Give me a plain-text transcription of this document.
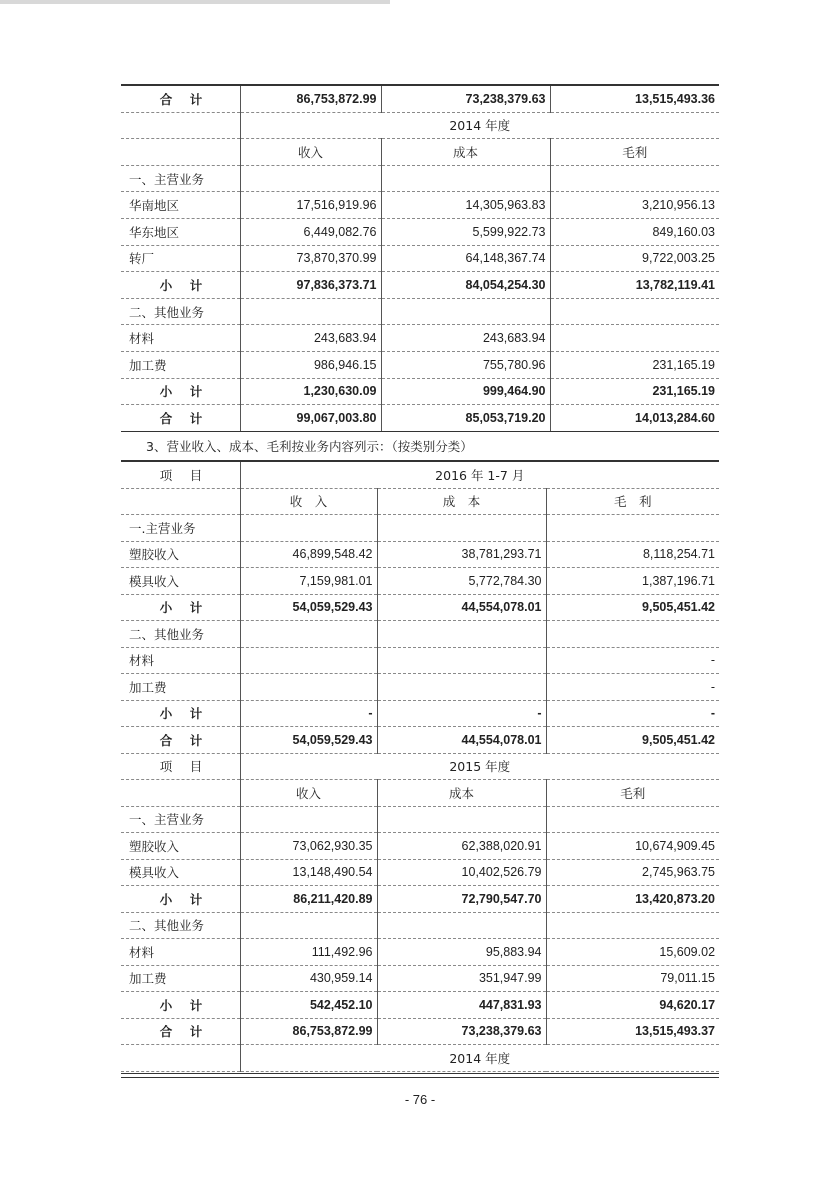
合　计	86,753,872.99	73,238,379.63	13,515,493.36
	2014 年度		
	收入	成本	毛利
一、主营业务			
华南地区	17,516,919.96	14,305,963.83	3,210,956.13
华东地区	6,449,082.76	5,599,922.73	849,160.03
转厂	73,870,370.99	64,148,367.74	9,722,003.25
小　计	97,836,373.71	84,054,254.30	13,782,119.41
二、其他业务			
材料	243,683.94	243,683.94	
加工费	986,946.15	755,780.96	231,165.19
小　计	1,230,630.09	999,464.90	231,165.19
合　计	99,067,003.80	85,053,719.20	14,013,284.60
3、营业收入、成本、毛利按业务内容列示：（按类别分类）
项　目	2016 年 1-7 月		
	收　入	成　本	毛　利
一.主营业务			
塑胶收入	46,899,548.42	38,781,293.71	8,118,254.71
模具收入	7,159,981.01	5,772,784.30	1,387,196.71
小　计	54,059,529.43	44,554,078.01	9,505,451.42
二、其他业务			
材料			-
加工费			-
小　计	-	-	-
合　计	54,059,529.43	44,554,078.01	9,505,451.42
项　目	2015 年度		
	收入	成本	毛利
一、主营业务			
塑胶收入	73,062,930.35	62,388,020.91	10,674,909.45
模具收入	13,148,490.54	10,402,526.79	2,745,963.75
小　计	86,211,420.89	72,790,547.70	13,420,873.20
二、其他业务			
材料	111,492.96	95,883.94	15,609.02
加工费	430,959.14	351,947.99	79,011.15
小　计	542,452.10	447,831.93	94,620.17
合　计	86,753,872.99	73,238,379.63	13,515,493.37
	2014 年度		
- 76 -
